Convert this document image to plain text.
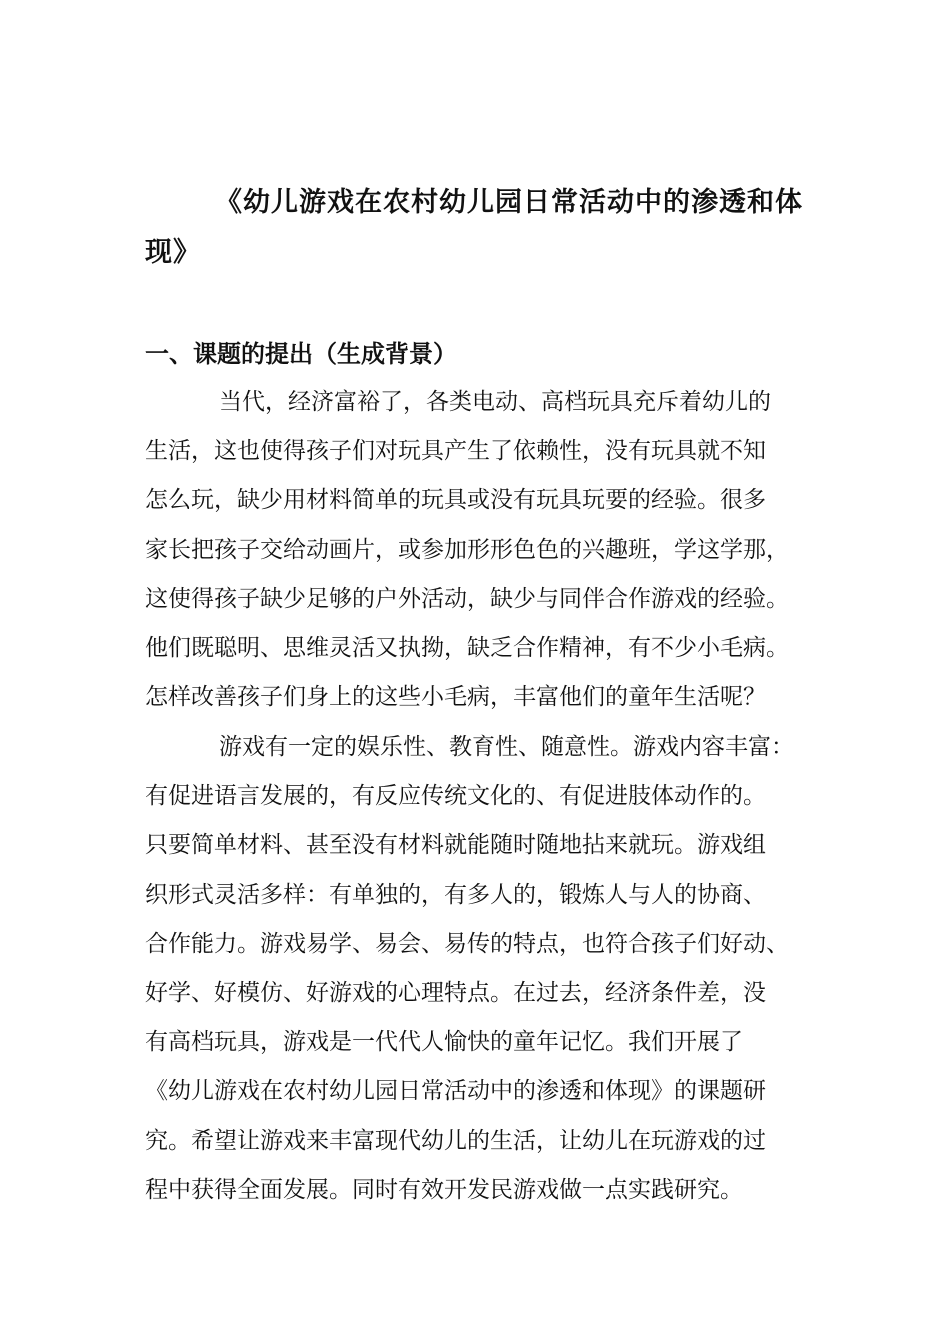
《幼儿游戏在农村幼儿园日常活动中的渗透和体
现》
一、课题的提出（生成背景）
当代，经济富裕了，各类电动、高档玩具充斥着幼儿的
生活，这也使得孩子们对玩具产生了依赖性，没有玩具就不知
怎么玩，缺少用材料简单的玩具或没有玩具玩要的经验。很多
家长把孩子交给动画片，或参加形形色色的兴趣班，学这学那，
这使得孩子缺少足够的户外活动，缺少与同伴合作游戏的经验。
他们既聪明、思维灵活又执拗，缺乏合作精神，有不少小毛病。
怎样改善孩子们身上的这些小毛病，丰富他们的童年生活呢？
游戏有一定的娱乐性、教育性、随意性。游戏内容丰富：
有促进语言发展的，有反应传统文化的、有促进肢体动作的。
只要简单材料、甚至没有材料就能随时随地拈来就玩。游戏组
织形式灵活多样：有单独的，有多人的，锻炼人与人的协商、
合作能力。游戏易学、易会、易传的特点，也符合孩子们好动、
好学、好模仿、好游戏的心理特点。在过去，经济条件差，没
有高档玩具，游戏是一代代人愉快的童年记忆。我们开展了
《幼儿游戏在农村幼儿园日常活动中的渗透和体现》的课题研
究。希望让游戏来丰富现代幼儿的生活，让幼儿在玩游戏的过
程中获得全面发展。同时有效开发民游戏做一点实践研究。
